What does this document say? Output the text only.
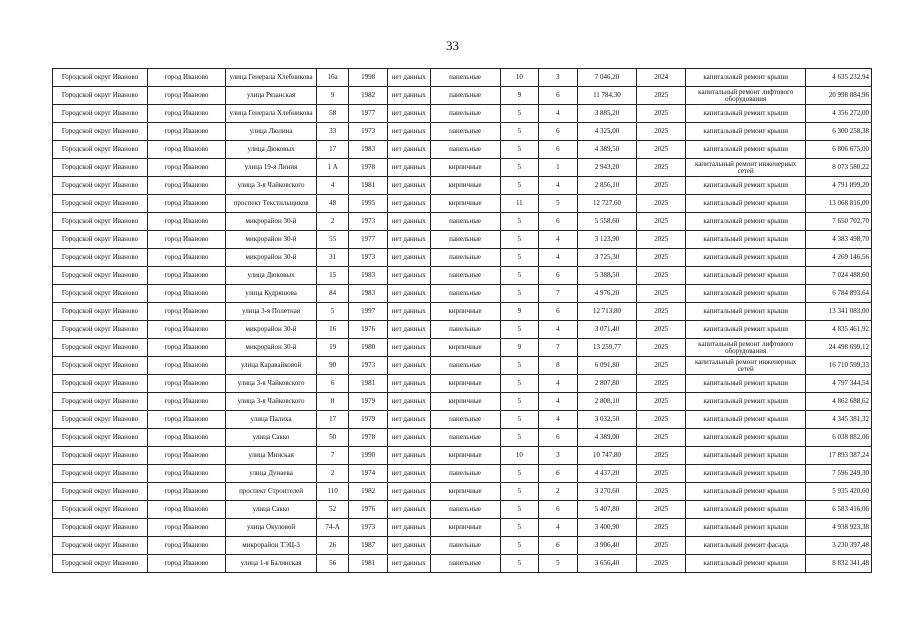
33
Городской округ Иваново	город Иваново	улица Генерала Хлебникова	16а	1998	нет данных	панельные	10	3	7 046,20	2024	капитальный ремонт крыши	4 635 232,94
Городской округ Иваново	город Иваново	улица Рязанская	9	1982	нет данных	панельные	9	6	11 784,30	2025	капитальный ремонт лифтового оборудования	20 998 884,96
Городской округ Иваново	город Иваново	улица Генерала Хлебникова	58	1977	нет данных	панельные	5	4	3 885,20	2025	капитальный ремонт крыши	4 356 272,00
Городской округ Иваново	город Иваново	улица Люлина	33	1973	нет данных	панельные	5	6	4 325,00	2025	капитальный ремонт крыши	6 300 258,38
Городской округ Иваново	город Иваново	улица Дюковых	17	1983	нет данных	панельные	5	6	4 389,50	2025	капитальный ремонт крыши	6 806 675,00
Городской округ Иваново	город Иваново	улица 19-я Линия	1 А	1978	нет данных	кирпичные	5	1	2 943,20	2025	капитальный ремонт инженерных сетей	8 073 580,22
Городской округ Иваново	город Иваново	улица 3-я Чайковского	4	1981	нет данных	кирпичные	5	4	2 856,10	2025	капитальный ремонт крыши	4 791 899,20
Городской округ Иваново	город Иваново	проспект Текстильщиков	48	1995	нет данных	кирпичные	11	5	12 727,60	2025	капитальный ремонт крыши	13 068 816,00
Городской округ Иваново	город Иваново	микрорайон 30-й	2	1973	нет данных	панельные	5	6	5 558,60	2025	капитальный ремонт крыши	7 650 702,70
Городской округ Иваново	город Иваново	микрорайон 30-й	55	1977	нет данных	панельные	5	4	3 123,90	2025	капитальный ремонт крыши	4 383 498,70
Городской округ Иваново	город Иваново	микрорайон 30-й	31	1973	нет данных	панельные	5	4	3 725,30	2025	капитальный ремонт крыши	4 269 146,56
Городской округ Иваново	город Иваново	улица Дюковых	15	1983	нет данных	панельные	5	6	5 388,50	2025	капитальный ремонт крыши	7 024 488,60
Городской округ Иваново	город Иваново	улица Кудряшова	84	1983	нет данных	панельные	5	7	4 976,20	2025	капитальный ремонт крыши	6 784 893,64
Городской округ Иваново	город Иваново	улица 3-я Полетная	5	1997	нет данных	кирпичные	9	6	12 713,80	2025	капитальный ремонт крыши	13 341 083,00
Городской округ Иваново	город Иваново	микрорайон 30-й	16	1976	нет данных	панельные	5	4	3 071,40	2025	капитальный ремонт крыши	4 835 461,92
Городской округ Иваново	город Иваново	микрорайон 30-й	19	1980	нет данных	кирпичные	9	7	13 259,77	2025	капитальный ремонт лифтового оборудования	24 498 699,12
Городской округ Иваново	город Иваново	улица Каравайковой	90	1973	нет данных	панельные	5	8	6 091,80	2025	капитальный ремонт инженерных сетей	16 710 599,33
Городской округ Иваново	город Иваново	улица 3-я Чайковского	6	1981	нет данных	кирпичные	5	4	2 807,80	2025	капитальный ремонт крыши	4 797 344,54
Городской округ Иваново	город Иваново	улица 3-я Чайковского	8	1979	нет данных	кирпичные	5	4	2 808,10	2025	капитальный ремонт крыши	4 862 688,62
Городской округ Иваново	город Иваново	улица Палиха	17	1979	нет данных	панельные	5	4	3 032,50	2025	капитальный ремонт крыши	4 345 381,32
Городской округ Иваново	город Иваново	улица Сакко	50	1978	нет данных	панельные	5	6	4 389,00	2025	капитальный ремонт крыши	6 038 882,06
Городской округ Иваново	город Иваново	улица Минская	7	1990	нет данных	кирпичные	10	3	10 747,80	2025	капитальный ремонт крыши	17 893 387,24
Городской округ Иваново	город Иваново	улица Дунаева	2	1974	нет данных	панельные	5	6	4 437,20	2025	капитальный ремонт крыши	7 596 249,30
Городской округ Иваново	город Иваново	проспект Строителей	110	1982	нет данных	кирпичные	5	2	3 270,60	2025	капитальный ремонт крыши	5 935 420,60
Городской округ Иваново	город Иваново	улица Сакко	52	1976	нет данных	панельные	5	6	5 407,80	2025	капитальный ремонт крыши	6 583 416,06
Городской округ Иваново	город Иваново	улица Окуловой	74-А	1973	нет данных	кирпичные	5	4	3 400,90	2025	капитальный ремонт крыши	4 938 923,38
Городской округ Иваново	город Иваново	микрорайон ТЭЦ-3	26	1987	нет данных	панельные	5	6	3 906,40	2025	капитальный ремонт фасада	3 230 397,48
Городской округ Иваново	город Иваново	улица 1-я Балинская	56	1981	нет данных	панельные	5	5	3 656,40	2025	капитальный ремонт крыши	8 832 341,48
